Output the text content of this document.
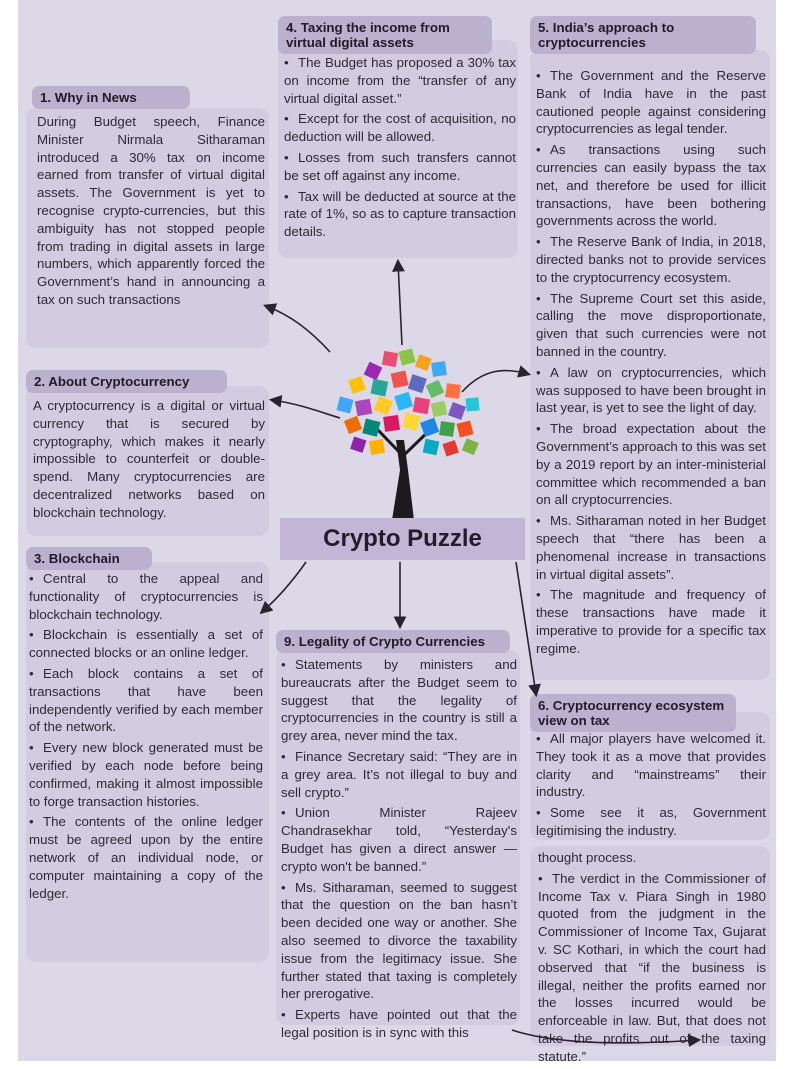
1. Why in News
During Budget speech, Finance Minister Nirmala Sitharaman introduced a 30% tax on income earned from transfer of virtual digital assets. The Government is yet to recognise crypto-currencies, but this ambiguity has not stopped people from trading in digital assets in large numbers, which apparently forced the Government’s hand in announcing a tax on such transactions
2. About Cryptocurrency
A cryptocurrency is a digital or virtual currency that is secured by cryptography, which makes it nearly impossible to counterfeit or double-spend. Many cryptocurrencies are decentralized networks based on blockchain technology.
3. Blockchain

• Central to the appeal and functionality of cryptocurrencies is blockchain technology.

• Blockchain is essentially a set of connected blocks or an online ledger.

• Each block contains a set of transactions that have been independently verified by each member of the network.

• Every new block generated must be verified by each node before being confirmed, making it almost impossible to forge transaction histories.

• The contents of the online ledger must be agreed upon by the entire network of an individual node, or computer maintaining a copy of the ledger.

4. Taxing the income from virtual digital assets

• The Budget has proposed a 30% tax on income from the “transfer of any virtual digital asset.”

• Except for the cost of acquisition, no deduction will be allowed.

• Losses from such transfers cannot be set off against any income.

• Tax will be deducted at source at the rate of 1%, so as to capture transaction details.

5. India’s approach to cryptocurrencies

• The Government and the Reserve Bank of India have in the past cautioned people against considering cryptocurrencies as legal tender.

• As transactions using such currencies can easily bypass the tax net, and therefore be used for illicit transactions, have been bothering governments across the world.

• The Reserve Bank of India, in 2018, directed banks not to provide services to the cryptocurrency ecosystem.

• The Supreme Court set this aside, calling the move disproportionate, given that such currencies were not banned in the country.

• A law on cryptocurrencies, which was supposed to have been brought in last year, is yet to see the light of day.

• The broad expectation about the Government’s approach to this was set by a 2019 report by an inter-ministerial committee which recommended a ban on all cryptocurrencies.

• Ms. Sitharaman noted in her Budget speech that “there has been a phenomenal increase in transactions in virtual digital assets”.

• The magnitude and frequency of these transactions have made it imperative to provide for a specific tax regime.

6. Cryptocurrency ecosystem view on tax

• All major players have welcomed it. They took it as a move that provides clarity and “mainstreams” their industry.

• Some see it as, Government legitimising the industry.

thought process.

• The verdict in the Commissioner of Income Tax v. Piara Singh in 1980 quoted from the judgment in the Commissioner of Income Tax, Gujarat v. SC Kothari, in which the court had observed that “if the business is illegal, neither the profits earned nor the losses incurred would be enforceable in law. But, that does not take the profits out of the taxing statute.”

9. Legality of Crypto Currencies

• Statements by ministers and bureaucrats after the Budget seem to suggest that the legality of cryptocurrencies in the country is still a grey area, never mind the tax.

• Finance Secretary said: “They are in a grey area. It’s not illegal to buy and sell crypto.”

• Union Minister Rajeev Chandrasekhar told, “Yesterday's Budget has given a direct answer —crypto won't be banned.”

• Ms. Sitharaman, seemed to suggest that the question on the ban hasn’t been decided one way or another. She also seemed to divorce the taxability issue from the legitimacy issue. She further stated that taxing is completely her prerogative.

• Experts have pointed out that the legal position is in sync with this

Crypto Puzzle
